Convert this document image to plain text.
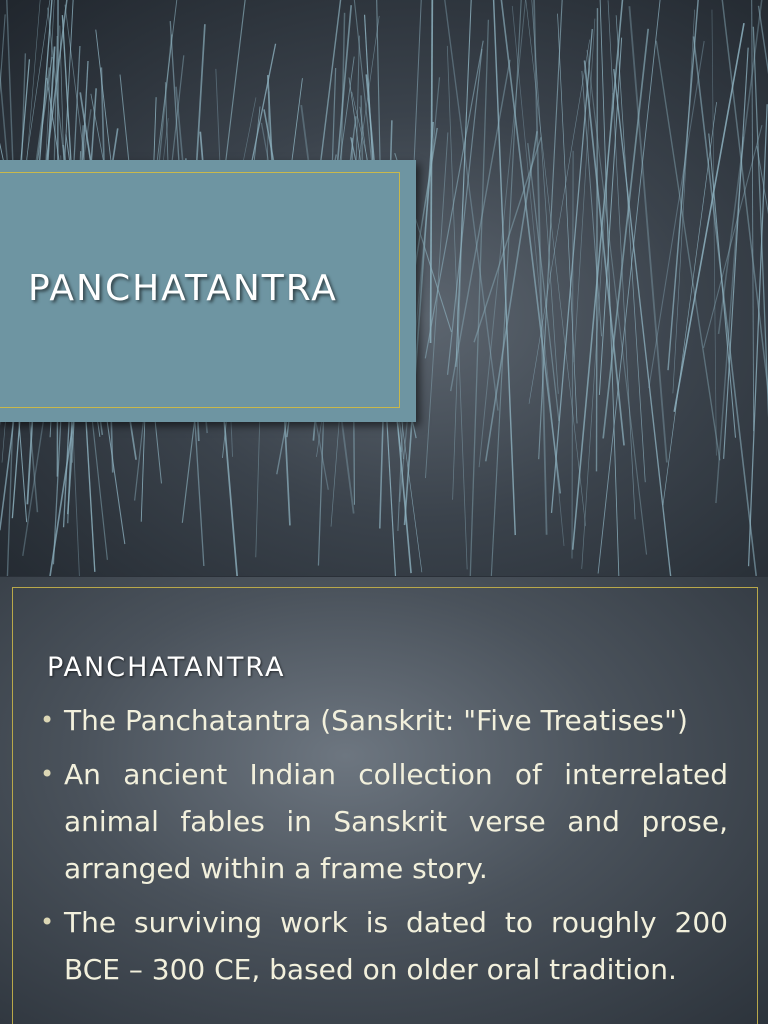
PANCHATANTRA
PANCHATANTRA
• The Panchatantra (Sanskrit: "Five Treatises")
• An ancient Indian collection of interrelated animal fables in Sanskrit verse and prose, arranged within a frame story.
• The surviving work is dated to roughly 200 BCE – 300 CE, based on older oral tradition.
